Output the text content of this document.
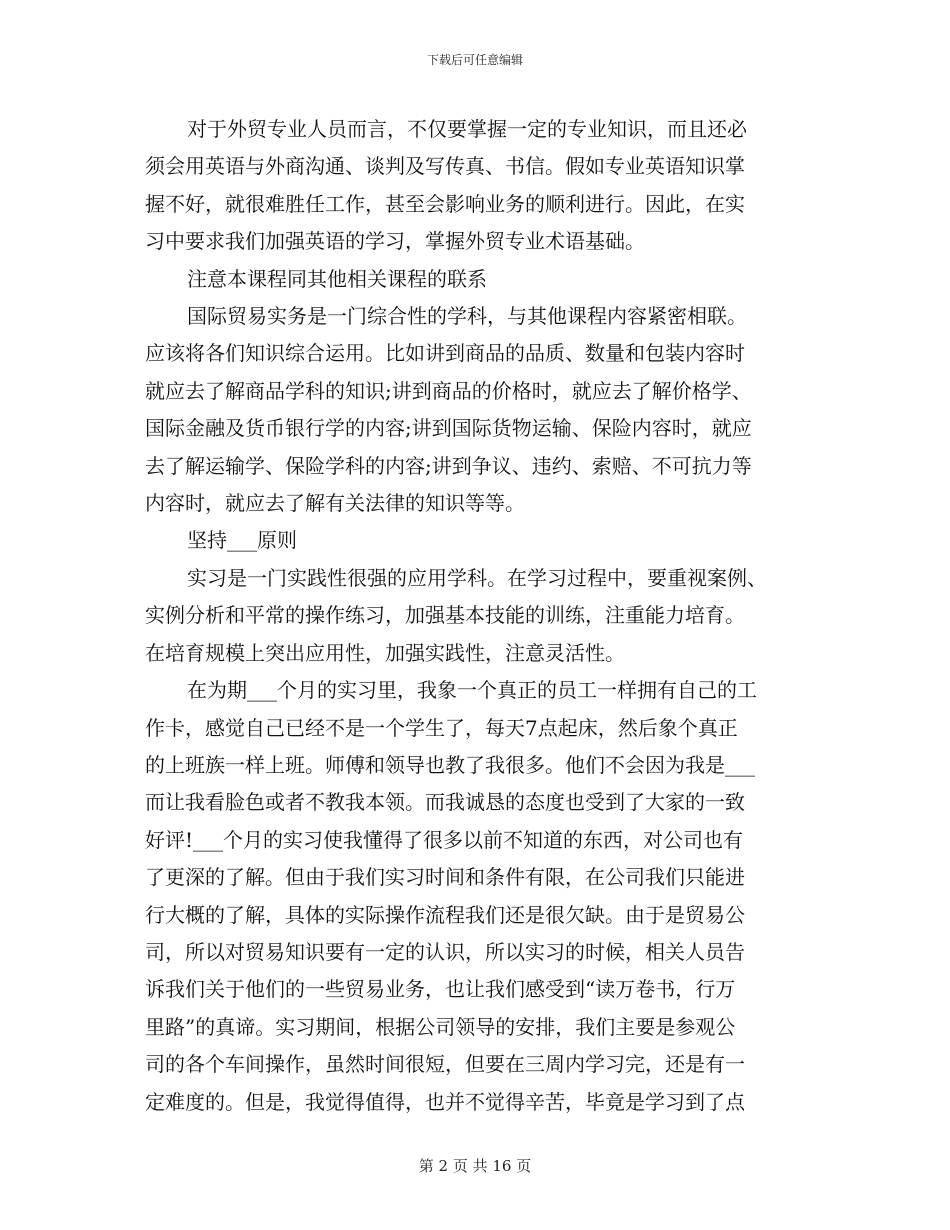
下载后可任意编辑
对于外贸专业人员而言，不仅要掌握一定的专业知识，而且还必
须会用英语与外商沟通、谈判及写传真、书信。假如专业英语知识掌
握不好，就很难胜任工作，甚至会影响业务的顺利进行。因此，在实
习中要求我们加强英语的学习，掌握外贸专业术语基础。
注意本课程同其他相关课程的联系
国际贸易实务是一门综合性的学科，与其他课程内容紧密相联。
应该将各们知识综合运用。比如讲到商品的品质、数量和包装内容时
就应去了解商品学科的知识;讲到商品的价格时，就应去了解价格学、
国际金融及货币银行学的内容;讲到国际货物运输、保险内容时，就应
去了解运输学、保险学科的内容;讲到争议、违约、索赔、不可抗力等
内容时，就应去了解有关法律的知识等等。
坚持___原则
实习是一门实践性很强的应用学科。在学习过程中，要重视案例、
实例分析和平常的操作练习，加强基本技能的训练，注重能力培育。
在培育规模上突出应用性，加强实践性，注意灵活性。
在为期___个月的实习里，我象一个真正的员工一样拥有自己的工
作卡，感觉自己已经不是一个学生了，每天7点起床，然后象个真正
的上班族一样上班。师傅和领导也教了我很多。他们不会因为我是___
而让我看脸色或者不教我本领。而我诚恳的态度也受到了大家的一致
好评!___个月的实习使我懂得了很多以前不知道的东西，对公司也有
了更深的了解。但由于我们实习时间和条件有限，在公司我们只能进
行大概的了解，具体的实际操作流程我们还是很欠缺。由于是贸易公
司，所以对贸易知识要有一定的认识，所以实习的时候，相关人员告
诉我们关于他们的一些贸易业务，也让我们感受到“读万卷书，行万
里路”的真谛。实习期间，根据公司领导的安排，我们主要是参观公
司的各个车间操作，虽然时间很短，但要在三周内学习完，还是有一
定难度的。但是，我觉得值得，也并不觉得辛苦，毕竟是学习到了点
第 2 页 共 16 页
